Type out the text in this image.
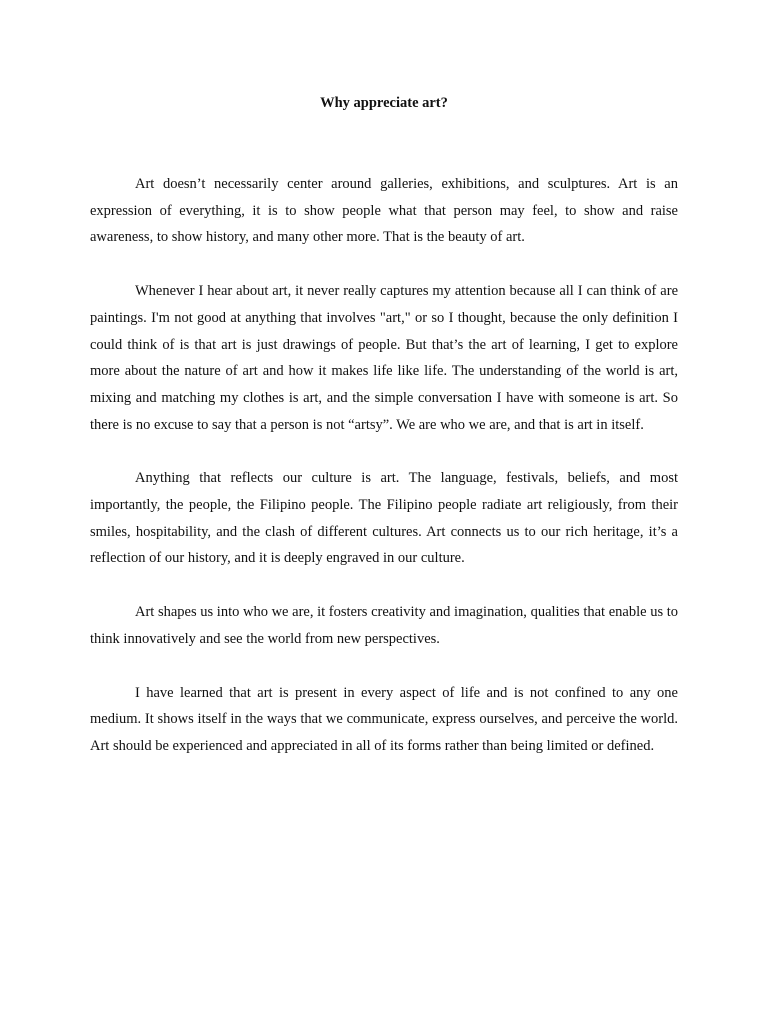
Why appreciate art?

Art doesn’t necessarily center around galleries, exhibitions, and sculptures. Art is an expression of everything, it is to show people what that person may feel, to show and raise awareness, to show history, and many other more. That is the beauty of art.

Whenever I hear about art, it never really captures my attention because all I can think of are paintings. I'm not good at anything that involves "art," or so I thought, because the only definition I could think of is that art is just drawings of people. But that’s the art of learning, I get to explore more about the nature of art and how it makes life like life. The understanding of the world is art, mixing and matching my clothes is art, and the simple conversation I have with someone is art. So there is no excuse to say that a person is not “artsy”. We are who we are, and that is art in itself.

Anything that reflects our culture is art. The language, festivals, beliefs, and most importantly, the people, the Filipino people. The Filipino people radiate art religiously, from their smiles, hospitability, and the clash of different cultures. Art connects us to our rich heritage, it’s a reflection of our history, and it is deeply engraved in our culture.

Art shapes us into who we are, it fosters creativity and imagination, qualities that enable us to think innovatively and see the world from new perspectives.

I have learned that art is present in every aspect of life and is not confined to any one medium. It shows itself in the ways that we communicate, express ourselves, and perceive the world. Art should be experienced and appreciated in all of its forms rather than being limited or defined.
